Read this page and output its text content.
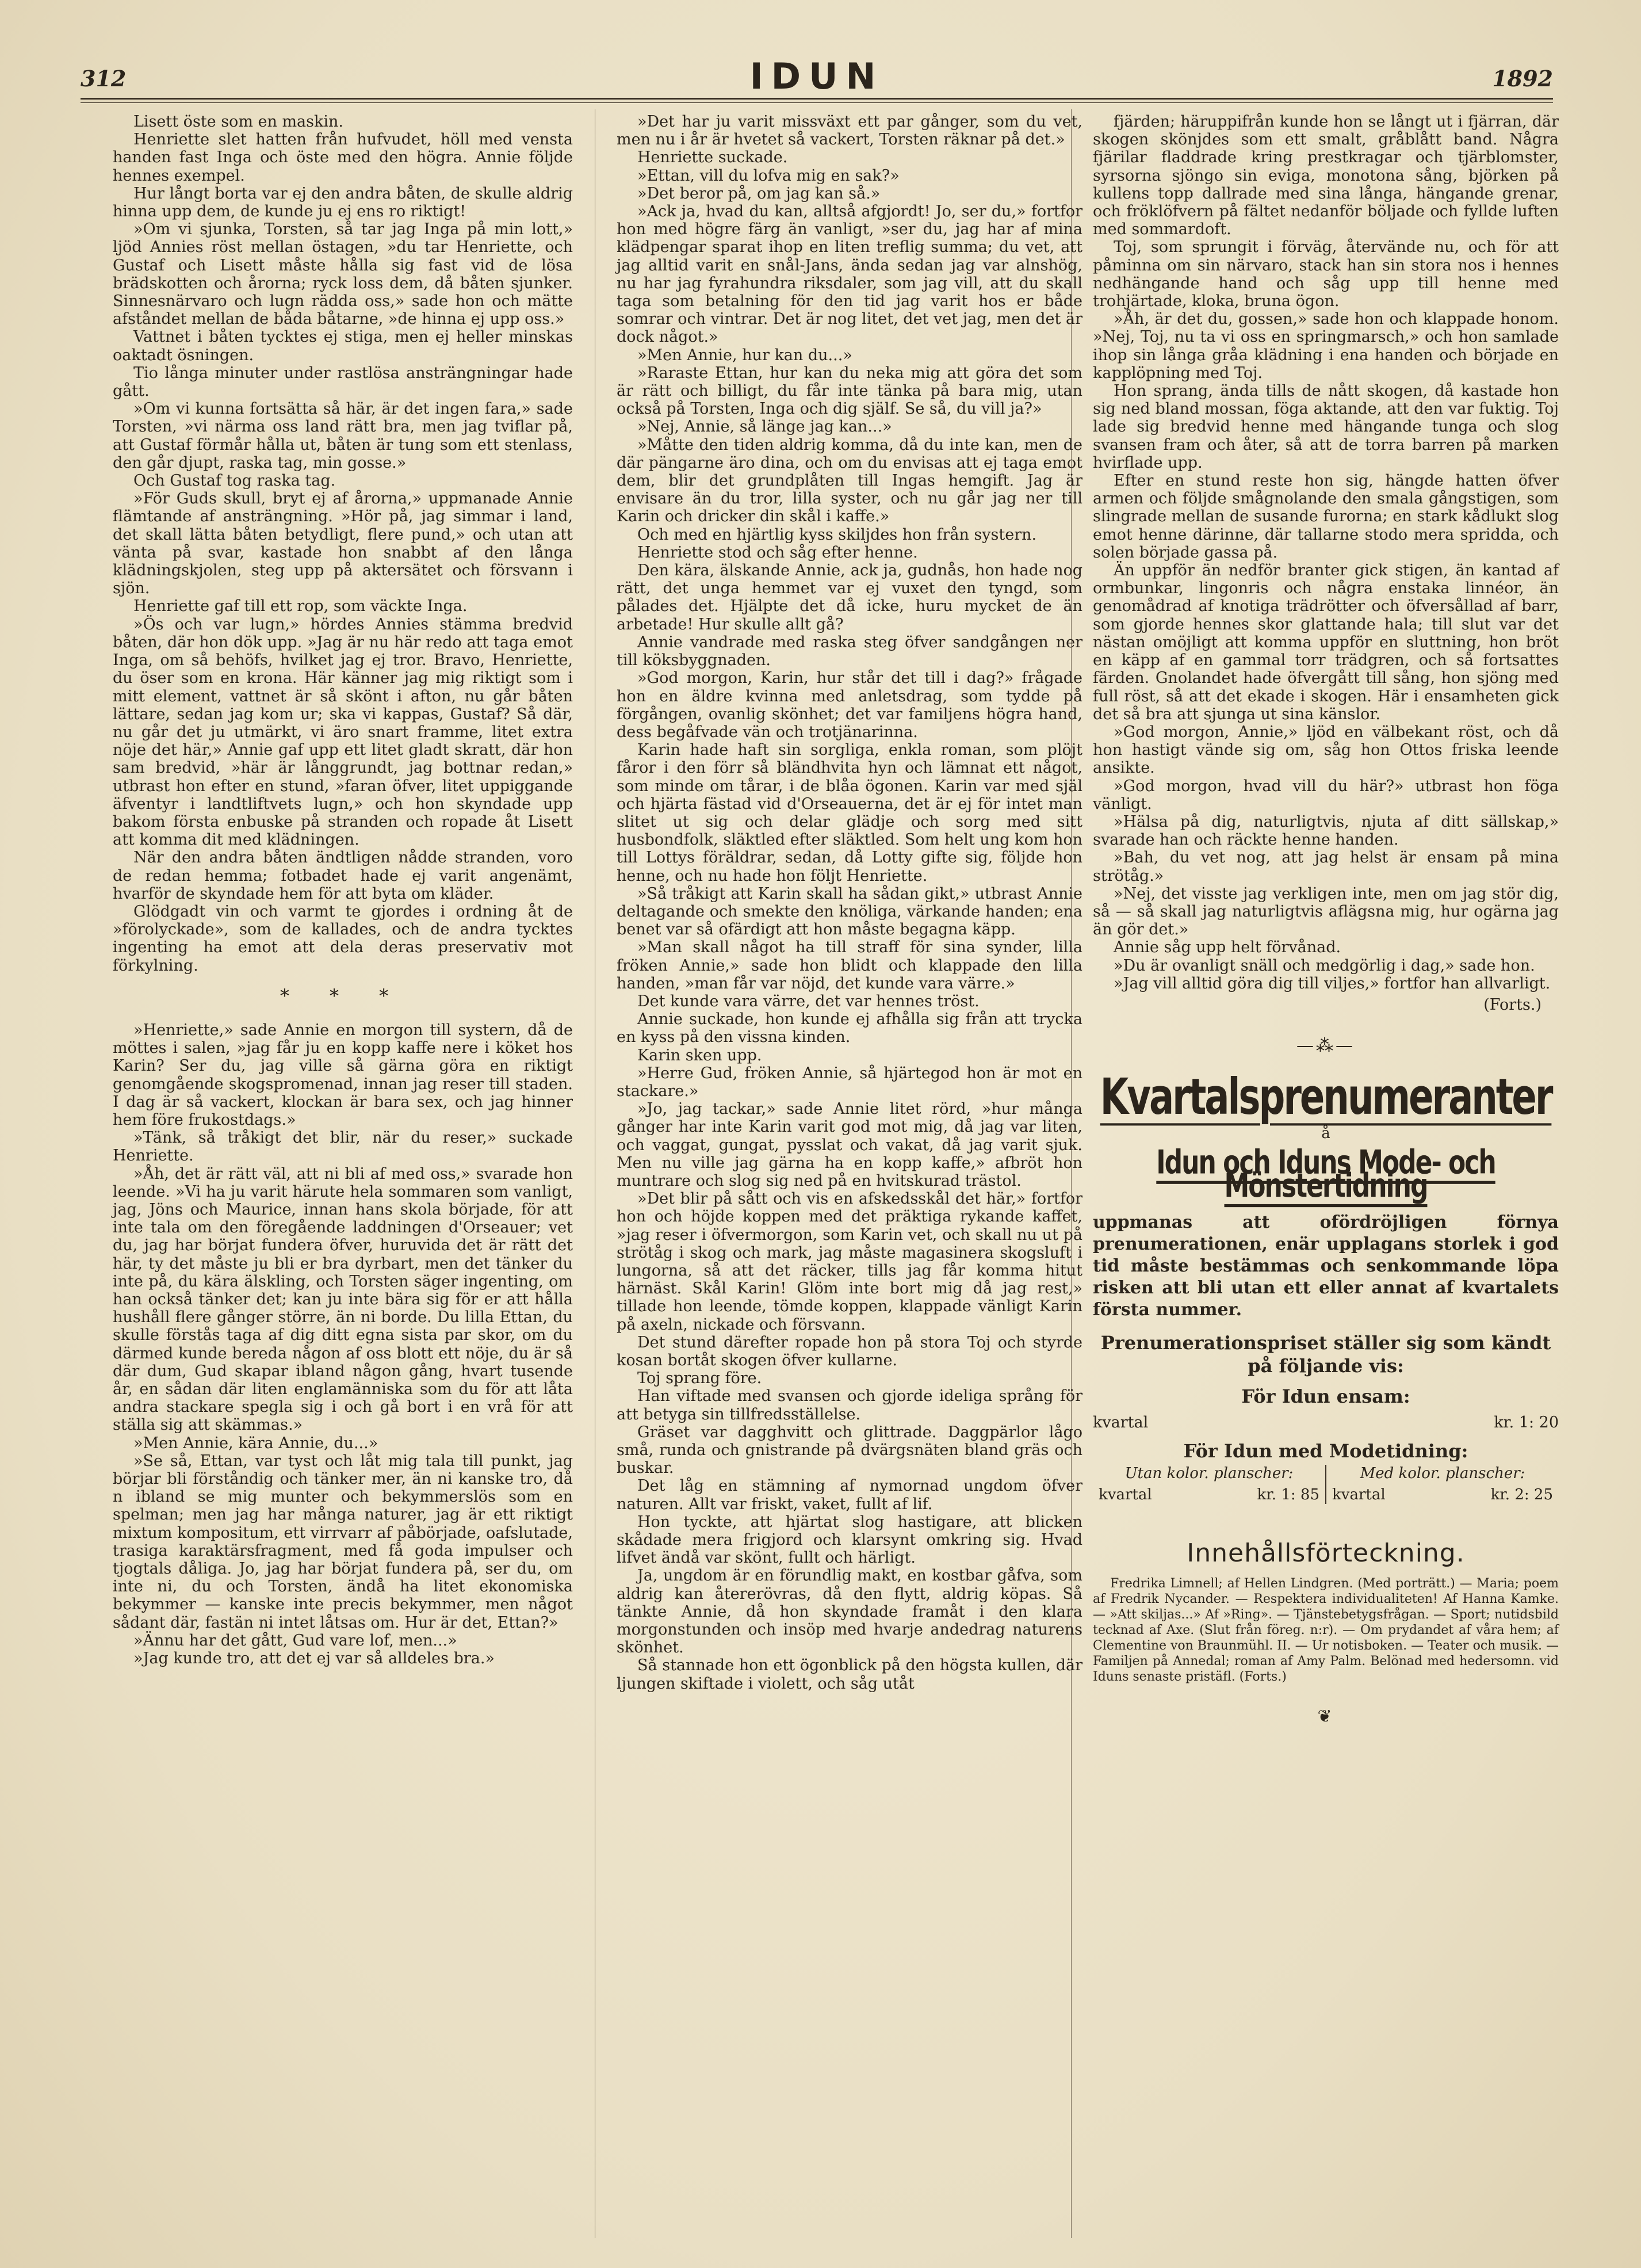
312	IDUN	1892

Lisett öste som en maskin.

Henriette slet hatten från hufvudet, höll med vensta handen fast Inga och öste med den högra. Annie följde hennes exempel.

Hur långt borta var ej den andra båten, de skulle aldrig hinna upp dem, de kunde ju ej ens ro riktigt!

»Om vi sjunka, Torsten, så tar jag Inga på min lott,» ljöd Annies röst mellan östagen, »du tar Henriette, och Gustaf och Lisett måste hålla sig fast vid de lösa brädskotten och årorna; ryck loss dem, då båten sjunker. Sinnesnärvaro och lugn rädda oss,» sade hon och mätte afståndet mellan de båda båtarne, »de hinna ej upp oss.»

Vattnet i båten tycktes ej stiga, men ej heller minskas oaktadt ösningen.

Tio långa minuter under rastlösa ansträngningar hade gått.

»Om vi kunna fortsätta så här, är det ingen fara,» sade Torsten, »vi närma oss land rätt bra, men jag tviflar på, att Gustaf förmår hålla ut, båten är tung som ett stenlass, den går djupt, raska tag, min gosse.»

Och Gustaf tog raska tag.

»För Guds skull, bryt ej af årorna,» uppmanade Annie flämtande af ansträngning. »Hör på, jag simmar i land, det skall lätta båten betydligt, flere pund,» och utan att vänta på svar, kastade hon snabbt af den långa klädningskjolen, steg upp på aktersätet och försvann i sjön.

Henriette gaf till ett rop, som väckte Inga.

»Ös och var lugn,» hördes Annies stämma bredvid båten, där hon dök upp. »Jag är nu här redo att taga emot Inga, om så behöfs, hvilket jag ej tror. Bravo, Henriette, du öser som en krona. Här känner jag mig riktigt som i mitt element, vattnet är så skönt i afton, nu går båten lättare, sedan jag kom ur; ska vi kappas, Gustaf? Så där, nu går det ju utmärkt, vi äro snart framme, litet extra nöje det här,» Annie gaf upp ett litet gladt skratt, där hon sam bredvid, »här är långgrundt, jag bottnar redan,» utbrast hon efter en stund, »faran öfver, litet uppiggande äfventyr i landtliftvets lugn,» och hon skyndade upp bakom första enbuske på stranden och ropade åt Lisett att komma dit med klädningen.

När den andra båten ändtligen nådde stranden, voro de redan hemma; fotbadet hade ej varit angenämt, hvarför de skyndade hem för att byta om kläder.

Glödgadt vin och varmt te gjordes i ordning åt de »förolyckade», som de kallades, och de andra tycktes ingenting ha emot att dela deras preservativ mot förkylning.

* * *

»Henriette,» sade Annie en morgon till systern, då de möttes i salen, »jag får ju en kopp kaffe nere i köket hos Karin? Ser du, jag ville så gärna göra en riktigt genomgående skogspromenad, innan jag reser till staden. I dag är så vackert, klockan är bara sex, och jag hinner hem före frukostdags.»

»Tänk, så tråkigt det blir, när du reser,» suckade Henriette.

»Åh, det är rätt väl, att ni bli af med oss,» svarade hon leende. »Vi ha ju varit härute hela sommaren som vanligt, jag, Jöns och Maurice, innan hans skola började, för att inte tala om den föregående laddningen d'Orseauer; vet du, jag har börjat fundera öfver, huruvida det är rätt det här, ty det måste ju bli er bra dyrbart, men det tänker du inte på, du kära älskling, och Torsten säger ingenting, om han också tänker det; kan ju inte bära sig för er att hålla hushåll flere gånger större, än ni borde. Du lilla Ettan, du skulle förstås taga af dig ditt egna sista par skor, om du därmed kunde bereda någon af oss blott ett nöje, du är så där dum, Gud skapar ibland någon gång, hvart tusende år, en sådan där liten englamänniska som du för att låta andra stackare spegla sig i och gå bort i en vrå för att ställa sig att skämmas.»

»Men Annie, kära Annie, du...»

»Se så, Ettan, var tyst och låt mig tala till punkt, jag börjar bli förståndig och tänker mer, än ni kanske tro, då n ibland se mig munter och bekymmerslös som en spelman; men jag har många naturer, jag är ett riktigt mixtum kompositum, ett virrvarr af påbörjade, oafslutade, trasiga karaktärsfragment, med få goda impulser och tjogtals dåliga. Jo, jag har börjat fundera på, ser du, om inte ni, du och Torsten, ändå ha litet ekonomiska bekymmer — kanske inte precis bekymmer, men något sådant där, fastän ni intet låtsas om. Hur är det, Ettan?»

»Ännu har det gått, Gud vare lof, men...»

»Jag kunde tro, att det ej var så alldeles bra.»

»Det har ju varit missväxt ett par gånger, som du vet, men nu i år är hvetet så vackert, Torsten räknar på det.»

Henriette suckade.

»Ettan, vill du lofva mig en sak?»

»Det beror på, om jag kan så.»

»Ack ja, hvad du kan, alltså afgjordt! Jo, ser du,» fortfor hon med högre färg än vanligt, »ser du, jag har af mina klädpengar sparat ihop en liten treflig summa; du vet, att jag alltid varit en snål-Jans, ända sedan jag var alnshög, nu har jag fyrahundra riksdaler, som jag vill, att du skall taga som betalning för den tid jag varit hos er både somrar och vintrar. Det är nog litet, det vet jag, men det är dock något.»

»Men Annie, hur kan du...»

»Raraste Ettan, hur kan du neka mig att göra det som är rätt och billigt, du får inte tänka på bara mig, utan också på Torsten, Inga och dig själf. Se så, du vill ja?»

»Nej, Annie, så länge jag kan...»

»Måtte den tiden aldrig komma, då du inte kan, men de där pängarne äro dina, och om du envisas att ej taga emot dem, blir det grundplåten till Ingas hemgift. Jag är envisare än du tror, lilla syster, och nu går jag ner till Karin och dricker din skål i kaffe.»

Och med en hjärtlig kyss skiljdes hon från systern.

Henriette stod och såg efter henne.

Den kära, älskande Annie, ack ja, gudnås, hon hade nog rätt, det unga hemmet var ej vuxet den tyngd, som pålades det. Hjälpte det då icke, huru mycket de än arbetade! Hur skulle allt gå?

Annie vandrade med raska steg öfver sandgången ner till köksbyggnaden.

»God morgon, Karin, hur står det till i dag?» frågade hon en äldre kvinna med anletsdrag, som tydde på förgången, ovanlig skönhet; det var familjens högra hand, dess begåfvade vän och trotjänarinna.

Karin hade haft sin sorgliga, enkla roman, som plöjt fåror i den förr så bländhvita hyn och lämnat ett något, som minde om tårar, i de blåa ögonen. Karin var med själ och hjärta fästad vid d'Orseauerna, det är ej för intet man slitet ut sig och delar glädje och sorg med sitt husbondfolk, släktled efter släktled. Som helt ung kom hon till Lottys föräldrar, sedan, då Lotty gifte sig, följde hon henne, och nu hade hon följt Henriette.

»Så tråkigt att Karin skall ha sådan gikt,» utbrast Annie deltagande och smekte den knöliga, värkande handen; ena benet var så ofärdigt att hon måste begagna käpp.

»Man skall något ha till straff för sina synder, lilla fröken Annie,» sade hon blidt och klappade den lilla handen, »man får var nöjd, det kunde vara värre.»

Det kunde vara värre, det var hennes tröst.

Annie suckade, hon kunde ej afhålla sig från att trycka en kyss på den vissna kinden.

Karin sken upp.

»Herre Gud, fröken Annie, så hjärtegod hon är mot en stackare.»

»Jo, jag tackar,» sade Annie litet rörd, »hur många gånger har inte Karin varit god mot mig, då jag var liten, och vaggat, gungat, pysslat och vakat, då jag varit sjuk. Men nu ville jag gärna ha en kopp kaffe,» afbröt hon muntrare och slog sig ned på en hvitskurad trästol.

»Det blir på sått och vis en afskedsskål det här,» fortfor hon och höjde koppen med det präktiga rykande kaffet, »jag reser i öfvermorgon, som Karin vet, och skall nu ut på strötåg i skog och mark, jag måste magasinera skogsluft i lungorna, så att det räcker, tills jag får komma hitut härnäst. Skål Karin! Glöm inte bort mig då jag rest,» tillade hon leende, tömde koppen, klappade vänligt Karin på axeln, nickade och försvann.

Det stund därefter ropade hon på stora Toj och styrde kosan bortåt skogen öfver kullarne.

Toj sprang före.

Han viftade med svansen och gjorde ideliga språng för att betyga sin tillfredsställelse.

Gräset var dagghvitt och glittrade. Daggpärlor lågo små, runda och gnistrande på dvärgsnäten bland gräs och buskar.

Det låg en stämning af nymornad ungdom öfver naturen. Allt var friskt, vaket, fullt af lif.

Hon tyckte, att hjärtat slog hastigare, att blicken skådade mera frigjord och klarsynt omkring sig. Hvad lifvet ändå var skönt, fullt och härligt.

Ja, ungdom är en förundlig makt, en kostbar gåfva, som aldrig kan återerövras, då den flytt, aldrig köpas. Så tänkte Annie, då hon skyndade framåt i den klara morgonstunden och insöp med hvarje andedrag naturens skönhet.

Så stannade hon ett ögonblick på den högsta kullen, där ljungen skiftade i violett, och såg utåt

fjärden; häruppifrån kunde hon se långt ut i fjärran, där skogen skönjdes som ett smalt, gråblått band. Några fjärilar fladdrade kring prestkragar och tjärblomster, syrsorna sjöngo sin eviga, monotona sång, björken på kullens topp dallrade med sina långa, hängande grenar, och fröklöfvern på fältet nedanför böljade och fyllde luften med sommardoft.

Toj, som sprungit i förväg, återvände nu, och för att påminna om sin närvaro, stack han sin stora nos i hennes nedhängande hand och såg upp till henne med trohjärtade, kloka, bruna ögon.

»Åh, är det du, gossen,» sade hon och klappade honom. »Nej, Toj, nu ta vi oss en springmarsch,» och hon samlade ihop sin långa gråa klädning i ena handen och började en kapplöpning med Toj.

Hon sprang, ända tills de nått skogen, då kastade hon sig ned bland mossan, föga aktande, att den var fuktig. Toj lade sig bredvid henne med hängande tunga och slog svansen fram och åter, så att de torra barren på marken hvirflade upp.

Efter en stund reste hon sig, hängde hatten öfver armen och följde smågnolande den smala gångstigen, som slingrade mellan de susande furorna; en stark kådlukt slog emot henne därinne, där tallarne stodo mera spridda, och solen började gassa på.

Än uppför än nedför branter gick stigen, än kantad af ormbunkar, lingonris och några enstaka linnéor, än genomådrad af knotiga trädrötter och öfversållad af barr, som gjorde hennes skor glattande hala; till slut var det nästan omöjligt att komma uppför en sluttning, hon bröt en käpp af en gammal torr trädgren, och så fortsattes färden. Gnolandet hade öfvergått till sång, hon sjöng med full röst, så att det ekade i skogen. Här i ensamheten gick det så bra att sjunga ut sina känslor.

»God morgon, Annie,» ljöd en välbekant röst, och då hon hastigt vände sig om, såg hon Ottos friska leende ansikte.

»God morgon, hvad vill du här?» utbrast hon föga vänligt.

»Hälsa på dig, naturligtvis, njuta af ditt sällskap,» svarade han och räckte henne handen.

»Bah, du vet nog, att jag helst är ensam på mina strötåg.»

»Nej, det visste jag verkligen inte, men om jag stör dig, så — så skall jag naturligtvis aflägsna mig, hur ogärna jag än gör det.»

Annie såg upp helt förvånad.

»Du är ovanligt snäll och medgörlig i dag,» sade hon.

»Jag vill alltid göra dig till viljes,» fortfor han allvarligt.

(Forts.)
—⁂—
Kvartalsprenumeranter
å
Idun och Iduns Mode- och Mönstertidning
uppmanas att ofördröjligen förnya prenumerationen, enär upplagans storlek i god tid måste bestämmas och senkommande löpa risken att bli utan ett eller annat af kvartalets första nummer.
Prenumerationspriset ställer sig som kändt på följande vis:
För Idun ensam:
kvartal	kr. 1: 20
För Idun med Modetidning:
Utan kolor. planscher:
kvartal	kr. 1: 85
Med kolor. planscher:
kvartal	kr. 2: 25
Innehållsförteckning.

Fredrika Limnell; af Hellen Lindgren. (Med porträtt.) — Maria; poem af Fredrik Nycander. — Respektera individualiteten! Af Hanna Kamke. — »Att skiljas...» Af »Ring». — Tjänstebetygsfrågan. — Sport; nutidsbild tecknad af Axe. (Slut från föreg. n:r). — Om prydandet af våra hem; af Clementine von Braunmühl. II. — Ur notisboken. — Teater och musik. — Familjen på Annedal; roman af Amy Palm. Belönad med hedersomn. vid Iduns senaste pristäfl. (Forts.)

❦
